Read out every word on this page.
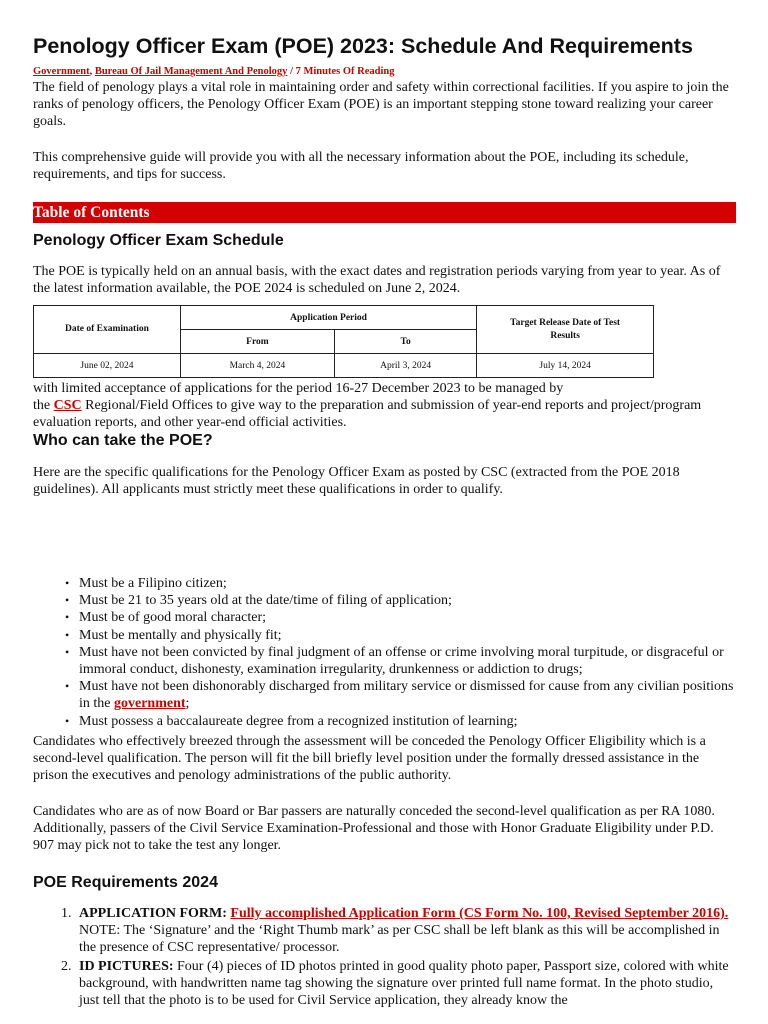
Penology Officer Exam (POE) 2023: Schedule And Requirements
Government, Bureau Of Jail Management And Penology / 7 Minutes Of Reading

The field of penology plays a vital role in maintaining order and safety within correctional facilities. If you aspire to join the ranks of penology officers, the Penology Officer Exam (POE) is an important stepping stone toward realizing your career goals.

This comprehensive guide will provide you with all the necessary information about the POE, including its schedule, requirements, and tips for success.

Table of Contents
Penology Officer Exam Schedule

The POE is typically held on an annual basis, with the exact dates and registration periods varying from year to year. As of the latest information available, the POE 2024 is scheduled on June 2, 2024.

Date of Examination	Application Period		Target Release Date of Test Results
	From	To	
June 02, 2024	March 4, 2024	April 3, 2024	July 14, 2024

with limited acceptance of applications for the period 16-27 December 2023 to be managed by
the CSC Regional/Field Offices to give way to the preparation and submission of year-end reports and project/program evaluation reports, and other year-end official activities.

Who can take the POE?

Here are the specific qualifications for the Penology Officer Exam as posted by CSC (extracted from the POE 2018 guidelines). All applicants must strictly meet these qualifications in order to qualify.

• Must be a Filipino citizen;
• Must be 21 to 35 years old at the date/time of filing of application;
• Must be of good moral character;
• Must be mentally and physically fit;
• Must have not been convicted by final judgment of an offense or crime involving moral turpitude, or disgraceful or immoral conduct, dishonesty, examination irregularity, drunkenness or addiction to drugs;
• Must have not been dishonorably discharged from military service or dismissed for cause from any civilian positions in the government;
• Must possess a baccalaureate degree from a recognized institution of learning;

Candidates who effectively breezed through the assessment will be conceded the Penology Officer Eligibility which is a second-level qualification. The person will fit the bill briefly level position under the formally dressed assistance in the prison the executives and penology administrations of the public authority.

Candidates who are as of now Board or Bar passers are naturally conceded the second-level qualification as per RA 1080. Additionally, passers of the Civil Service Examination-Professional and those with Honor Graduate Eligibility under P.D. 907 may pick not to take the test any longer.

POE Requirements 2024
1. APPLICATION FORM: Fully accomplished Application Form (CS Form No. 100, Revised September 2016).
NOTE: The ‘Signature’ and the ‘Right Thumb mark’ as per CSC shall be left blank as this will be accomplished in the presence of CSC representative/ processor.
2. ID PICTURES: Four (4) pieces of ID photos printed in good quality photo paper, Passport size, colored with white background, with handwritten name tag showing the signature over printed full name format. In the photo studio, just tell that the photo is to be used for Civil Service application, they already know the
